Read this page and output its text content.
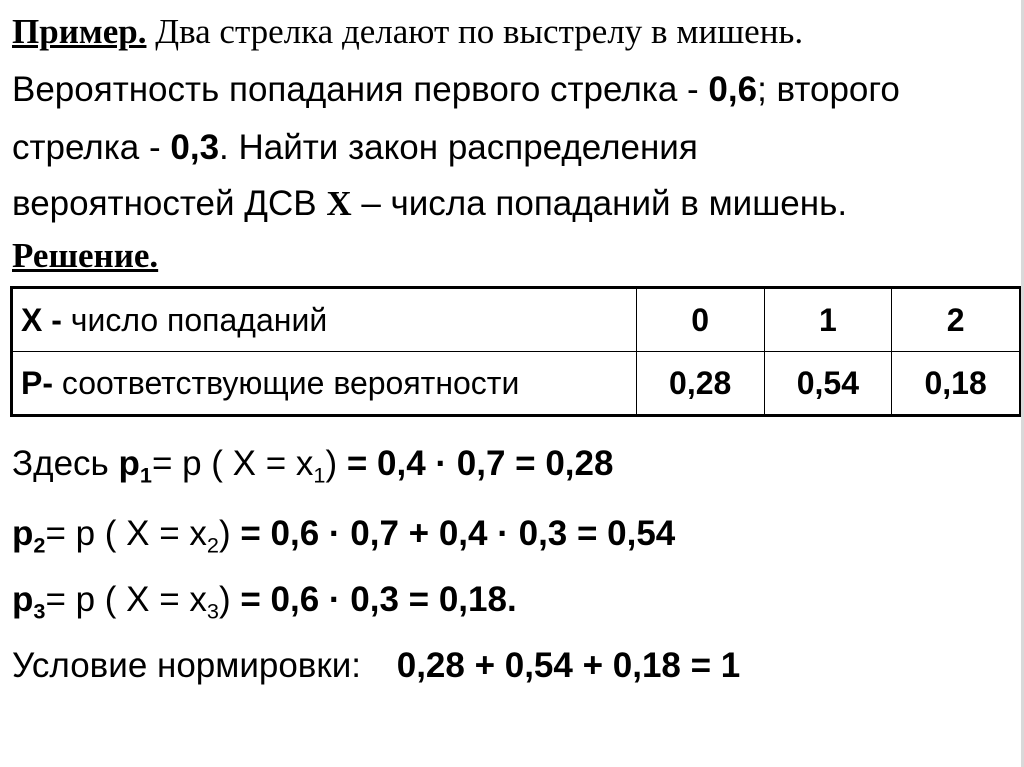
Пример. Два стрелка делают по выстрелу в мишень.
Вероятность попадания первого стрелка - 0,6; второго
стрелка - 0,3. Найти закон распределения
вероятностей ДСВ X – числа попаданий в мишень.
Решение.
X - число попаданий	0	1	2
P- соответствующие вероятности	0,28	0,54	0,18
Здесь $p_1= p$ ( $X = x_1) = 0,4 \cdot 0,7 = 0,28$
$p_2= p$ ( $X = x_2) = 0,6 \cdot 0,7 + 0,4 \cdot 0,3 = 0,54$
$p_3= p$ ( $X = x_3) = 0,6 \cdot 0,3 = 0,18$.
Условие нормировки: 0,28 + 0,54 + 0,18 = 1
